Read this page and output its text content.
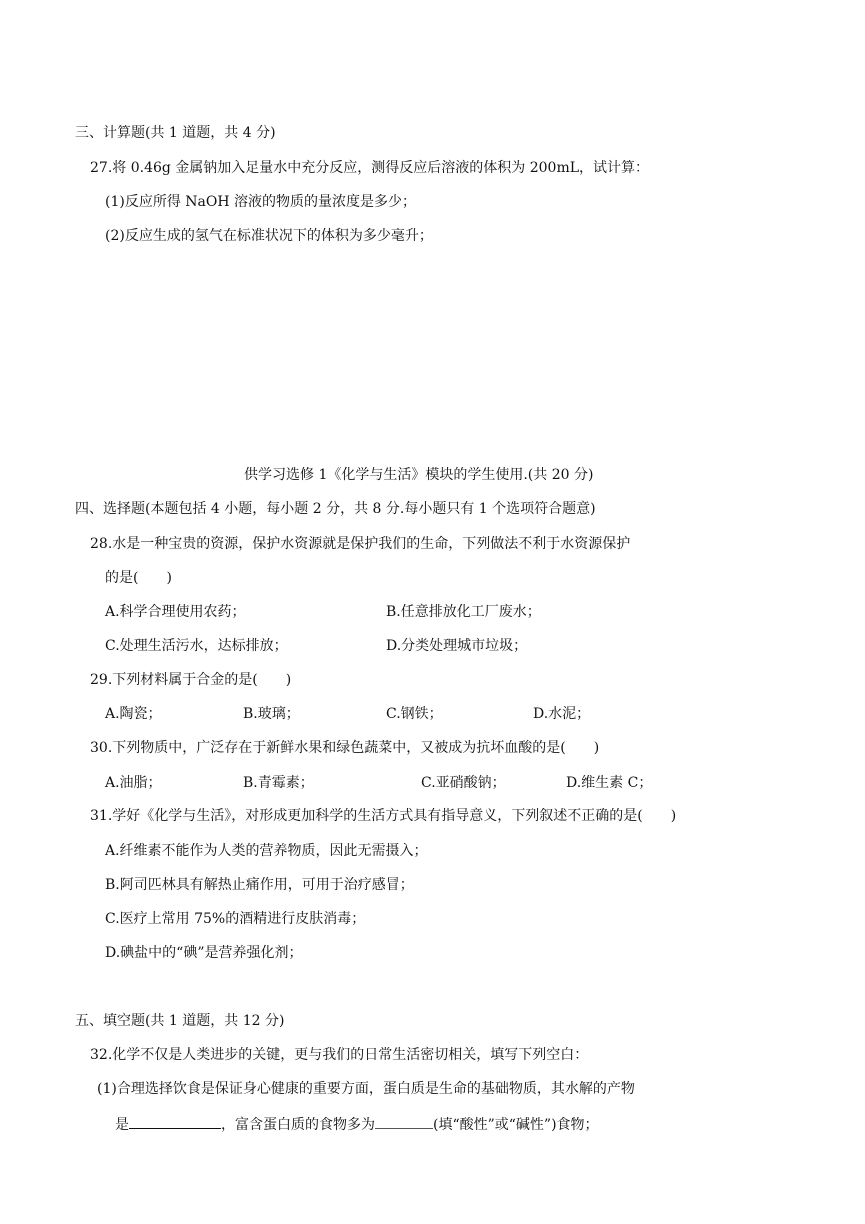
三、计算题(共 1 道题，共 4 分)
27.将 0.46g 金属钠加入足量水中充分反应，测得反应后溶液的体积为 200mL，试计算：
(1)反应所得 NaOH 溶液的物质的量浓度是多少；
(2)反应生成的氢气在标准状况下的体积为多少毫升；
供学习选修 1《化学与生活》模块的学生使用.(共 20 分)
四、选择题(本题包括 4 小题，每小题 2 分，共 8 分.每小题只有 1 个选项符合题意)
28.水是一种宝贵的资源，保护水资源就是保护我们的生命，下列做法不利于水资源保护
的是(　　)
A.科学合理使用农药；	B.任意排放化工厂废水；
C.处理生活污水，达标排放；	D.分类处理城市垃圾；
29.下列材料属于合金的是(　　)
A.陶瓷；	B.玻璃；	C.钢铁；	D.水泥；
30.下列物质中，广泛存在于新鲜水果和绿色蔬菜中，又被成为抗坏血酸的是(　　)
A.油脂；	B.青霉素；	C.亚硝酸钠；	D.维生素 C；
31.学好《化学与生活》，对形成更加科学的生活方式具有指导意义，下列叙述不正确的是(　　)
A.纤维素不能作为人类的营养物质，因此无需摄入；
B.阿司匹林具有解热止痛作用，可用于治疗感冒；
C.医疗上常用 75%的酒精进行皮肤消毒；
D.碘盐中的“碘”是营养强化剂；
五、填空题(共 1 道题，共 12 分)
32.化学不仅是人类进步的关键，更与我们的日常生活密切相关，填写下列空白：
(1)合理选择饮食是保证身心健康的重要方面，蛋白质是生命的基础物质，其水解的产物
是	，富含蛋白质的食物多为	(填“酸性”或“碱性”)食物；
